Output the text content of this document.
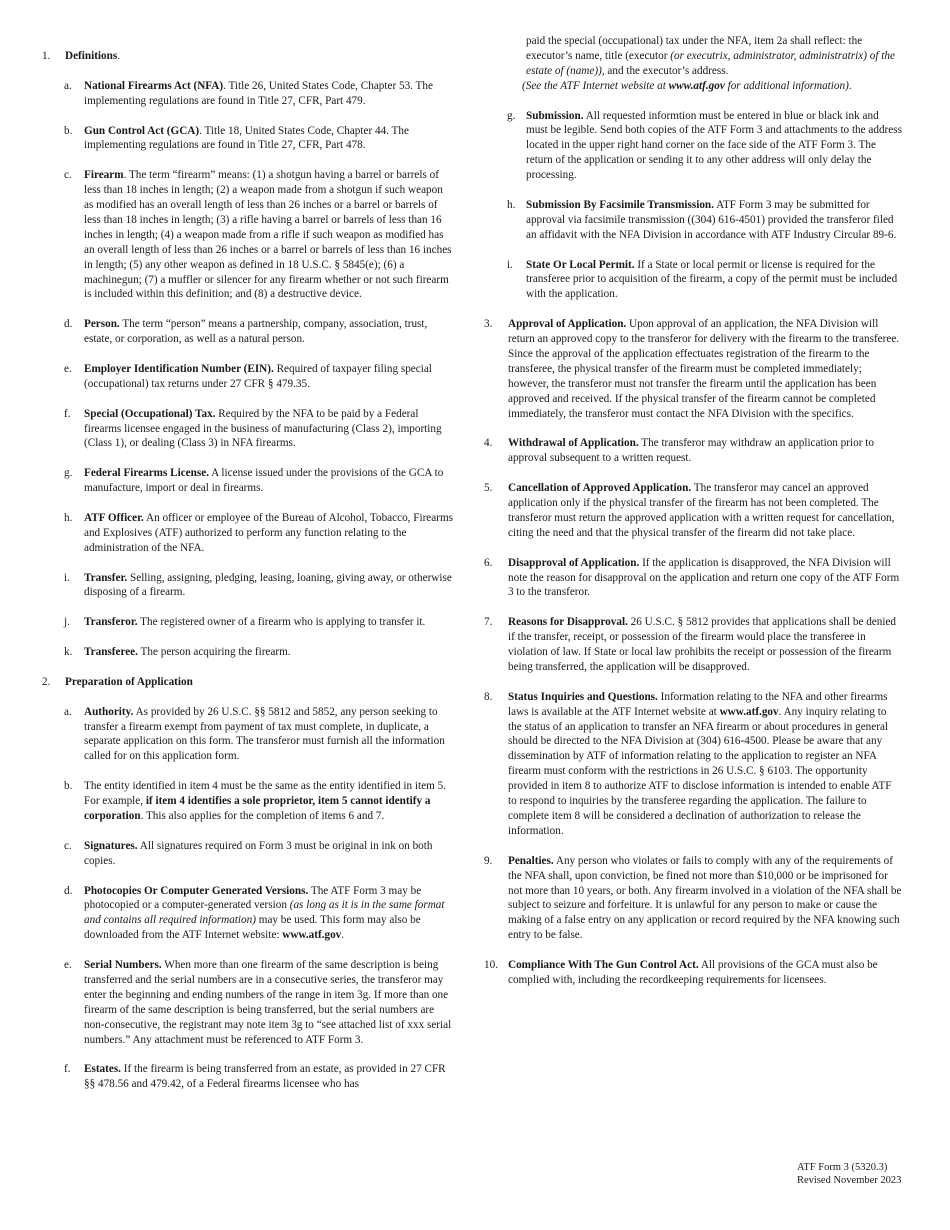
1. Definitions.
a. National Firearms Act (NFA). Title 26, United States Code, Chapter 53. The implementing regulations are found in Title 27, CFR, Part 479.
b. Gun Control Act (GCA). Title 18, United States Code, Chapter 44. The implementing regulations are found in Title 27, CFR, Part 478.
c. Firearm. The term “firearm” means: (1) a shotgun having a barrel or barrels of less than 18 inches in length; (2) a weapon made from a shotgun if such weapon as modified has an overall length of less than 26 inches or a barrel or barrels of less than 18 inches in length; (3) a rifle having a barrel or barrels of less than 16 inches in length; (4) a weapon made from a rifle if such weapon as modified has an overall length of less than 26 inches or a barrel or barrels of less than 16 inches in length; (5) any other weapon as defined in 18 U.S.C. § 5845(e); (6) a machinegun; (7) a muffler or silencer for any firearm whether or not such firearm is included within this definition; and (8) a destructive device.
d. Person. The term “person” means a partnership, company, association, trust, estate, or corporation, as well as a natural person.
e. Employer Identification Number (EIN). Required of taxpayer filing special (occupational) tax returns under 27 CFR § 479.35.
f. Special (Occupational) Tax. Required by the NFA to be paid by a Federal firearms licensee engaged in the business of manufacturing (Class 2), importing (Class 1), or dealing (Class 3) in NFA firearms.
g. Federal Firearms License. A license issued under the provisions of the GCA to manufacture, import or deal in firearms.
h. ATF Officer. An officer or employee of the Bureau of Alcohol, Tobacco, Firearms and Explosives (ATF) authorized to perform any function relating to the administration of the NFA.
i. Transfer. Selling, assigning, pledging, leasing, loaning, giving away, or otherwise disposing of a firearm.
j. Transferor. The registered owner of a firearm who is applying to transfer it.
k. Transferee. The person acquiring the firearm.
2. Preparation of Application
a. Authority. As provided by 26 U.S.C. §§ 5812 and 5852, any person seeking to transfer a firearm exempt from payment of tax must complete, in duplicate, a separate application on this form. The transferor must furnish all the information called for on this application form.
b. The entity identified in item 4 must be the same as the entity identified in item 5. For example, if item 4 identifies a sole proprietor, item 5 cannot identify a corporation. This also applies for the completion of items 6 and 7.
c. Signatures. All signatures required on Form 3 must be original in ink on both copies.
d. Photocopies Or Computer Generated Versions. The ATF Form 3 may be photocopied or a computer-generated version (as long as it is in the same format and contains all required information) may be used. This form may also be downloaded from the ATF Internet website: www.atf.gov.
e. Serial Numbers. When more than one firearm of the same description is being transferred and the serial numbers are in a consecutive series, the transferor may enter the beginning and ending numbers of the range in item 3g. If more than one firearm of the same description is being transferred, but the serial numbers are non-consecutive, the registrant may note item 3g to “see attached list of xxx serial numbers.” Any attachment must be referenced to ATF Form 3.
f. Estates. If the firearm is being transferred from an estate, as provided in 27 CFR §§ 478.56 and 479.42, of a Federal firearms licensee who has
paid the special (occupational) tax under the NFA, item 2a shall reflect: the executor’s name, title (executor (or executrix, administrator, administratrix) of the estate of (name)), and the executor’s address.
(See the ATF Internet website at www.atf.gov for additional information).
g. Submission. All requested informtion must be entered in blue or black ink and must be legible. Send both copies of the ATF Form 3 and attachments to the address located in the upper right hand corner on the face side of the ATF Form 3. The return of the application or sending it to any other address will only delay the processing.
h. Submission By Facsimile Transmission. ATF Form 3 may be submitted for approval via facsimile transmission ((304) 616-4501) provided the transferor filed an affidavit with the NFA Division in accordance with ATF Industry Circular 89-6.
i. State Or Local Permit. If a State or local permit or license is required for the transferee prior to acquisition of the firearm, a copy of the permit must be included with the application.
3. Approval of Application. Upon approval of an application, the NFA Division will return an approved copy to the transferor for delivery with the firearm to the transferee. Since the approval of the application effectuates registration of the firearm to the transferee, the physical transfer of the firearm must be completed immediately; however, the transferor must not transfer the firearm until the application has been approved and received. If the physical transfer of the firearm cannot be completed immediately, the transferor must contact the NFA Division with the specifics.
4. Withdrawal of Application. The transferor may withdraw an application prior to approval subsequent to a written request.
5. Cancellation of Approved Application. The transferor may cancel an approved application only if the physical transfer of the firearm has not been completed. The transferor must return the approved application with a written request for cancellation, citing the need and that the physical transfer of the firearm did not take place.
6. Disapproval of Application. If the application is disapproved, the NFA Division will note the reason for disapproval on the application and return one copy of the ATF Form 3 to the transferor.
7. Reasons for Disapproval. 26 U.S.C. § 5812 provides that applications shall be denied if the transfer, receipt, or possession of the firearm would place the transferee in violation of law. If State or local law prohibits the receipt or possession of the firearm being transferred, the application will be disapproved.
8. Status Inquiries and Questions. Information relating to the NFA and other firearms laws is available at the ATF Internet website at www.atf.gov. Any inquiry relating to the status of an application to transfer an NFA firearm or about procedures in general should be directed to the NFA Division at (304) 616-4500. Please be aware that any dissemination by ATF of information relating to the application to register an NFA firearm must conform with the restrictions in 26 U.S.C. § 6103. The opportunity provided in item 8 to authorize ATF to disclose information is intended to enable ATF to respond to inquiries by the transferee regarding the application. The failure to complete item 8 will be considered a declination of authorization to release the information.
9. Penalties. Any person who violates or fails to comply with any of the requirements of the NFA shall, upon conviction, be fined not more than $10,000 or be imprisoned for not more than 10 years, or both. Any firearm involved in a violation of the NFA shall be subject to seizure and forfeiture. It is unlawful for any person to make or cause the making of a false entry on any application or record required by the NFA knowing such entry to be false.
10. Compliance With The Gun Control Act. All provisions of the GCA must also be complied with, including the recordkeeping requirements for licensees.
ATF Form 3 (5320.3)
Revised November 2023
